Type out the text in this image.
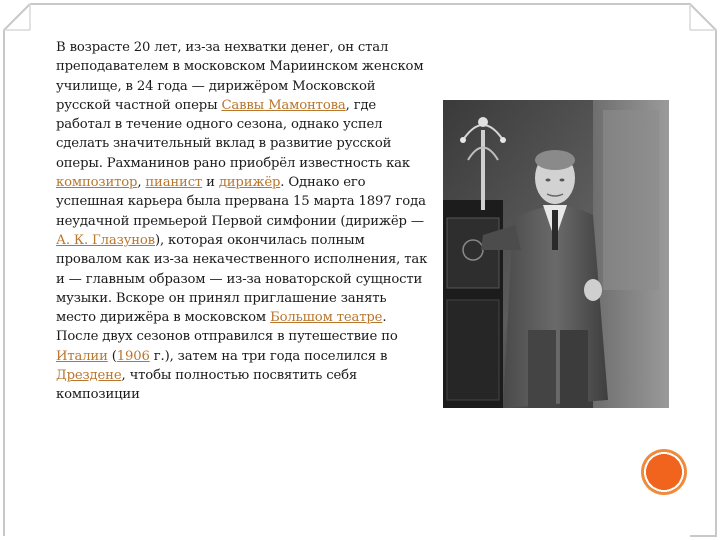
В возрасте 20 лет, из-за нехватки денег, он стал преподавателем в московском Мариинском женском училище, в 24 года — дирижёром Московской русской частной оперы Саввы Мамонтова, где работал в течение одного сезона, однако успел сделать значительный вклад в развитие русской оперы. Рахманинов рано приобрёл известность как композитор, пианист и дирижёр. Однако его успешная карьера была прервана 15 марта 1897 года неудачной премьерой Первой симфонии (дирижёр — А. К. Глазунов), которая окончилась полным провалом как из-за некачественного исполнения, так и — главным образом — из-за новаторской сущности музыки. Вскоре он принял приглашение занять место дирижёра в московском Большом театре. После двух сезонов отправился в путешествие по Италии (1906 г.), затем на три года поселился в Дрездене, чтобы полностью посвятить себя композиции
